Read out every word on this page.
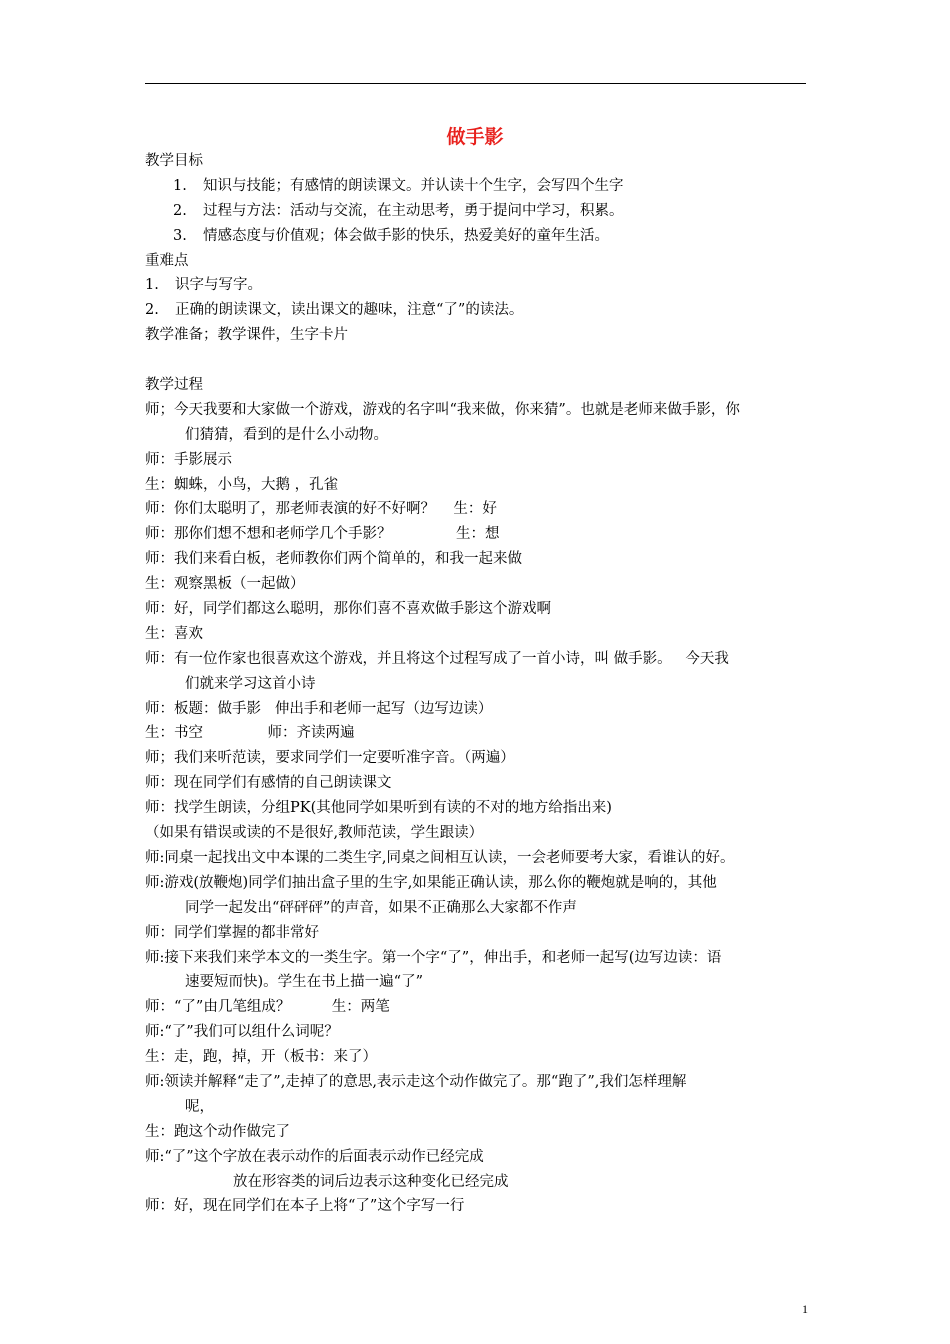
做手影
教学目标
1. 知识与技能；有感情的朗读课文。并认读十个生字，会写四个生字
2. 过程与方法：活动与交流，在主动思考，勇于提问中学习，积累。
3. 情感态度与价值观；体会做手影的快乐，热爱美好的童年生活。
重难点
1. 识字与写字。
2. 正确的朗读课文，读出课文的趣味，注意“了”的读法。
教学准备；教学课件，生字卡片
教学过程
师；今天我要和大家做一个游戏，游戏的名字叫“我来做，你来猜”。也就是老师来做手影，你
们猜猜，看到的是什么小动物。
师：手影展示
生：蜘蛛，小鸟，大鹅 ，孔雀
师：你们太聪明了，那老师表演的好不好啊？    生：好
师：那你们想不想和老师学几个手影？              生：想
师：我们来看白板，老师教你们两个简单的，和我一起来做
生：观察黑板（一起做）
师：好，同学们都这么聪明，那你们喜不喜欢做手影这个游戏啊
生：喜欢
师：有一位作家也很喜欢这个游戏，并且将这个过程写成了一首小诗，叫 做手影。   今天我
们就来学习这首小诗
师：板题：做手影   伸出手和老师一起写（边写边读）
生：书空              师：齐读两遍
师；我们来听范读，要求同学们一定要听准字音。（两遍）
师：现在同学们有感情的自己朗读课文
师：找学生朗读，分组PK(其他同学如果听到有读的不对的地方给指出来)
（如果有错误或读的不是很好,教师范读，学生跟读）
师:同桌一起找出文中本课的二类生字,同桌之间相互认读，一会老师要考大家，看谁认的好。
师:游戏(放鞭炮)同学们抽出盒子里的生字,如果能正确认读，那么你的鞭炮就是响的，其他
同学一起发出“砰砰砰”的声音，如果不正确那么大家都不作声
师：同学们掌握的都非常好
师:接下来我们来学本文的一类生字。第一个字“了”，伸出手，和老师一起写(边写边读：语
速要短而快)。学生在书上描一遍“了”
师：“了”由几笔组成？         生：两笔
师:“了”我们可以组什么词呢？
生：走，跑，掉，开（板书：来了）
师:领读并解释“走了”,走掉了的意思,表示走这个动作做完了。那“跑了”,我们怎样理解
呢，
生：跑这个动作做完了
师:“了”这个字放在表示动作的后面表示动作已经完成
放在形容类的词后边表示这种变化已经完成
师：好，现在同学们在本子上将“了”这个字写一行
1
